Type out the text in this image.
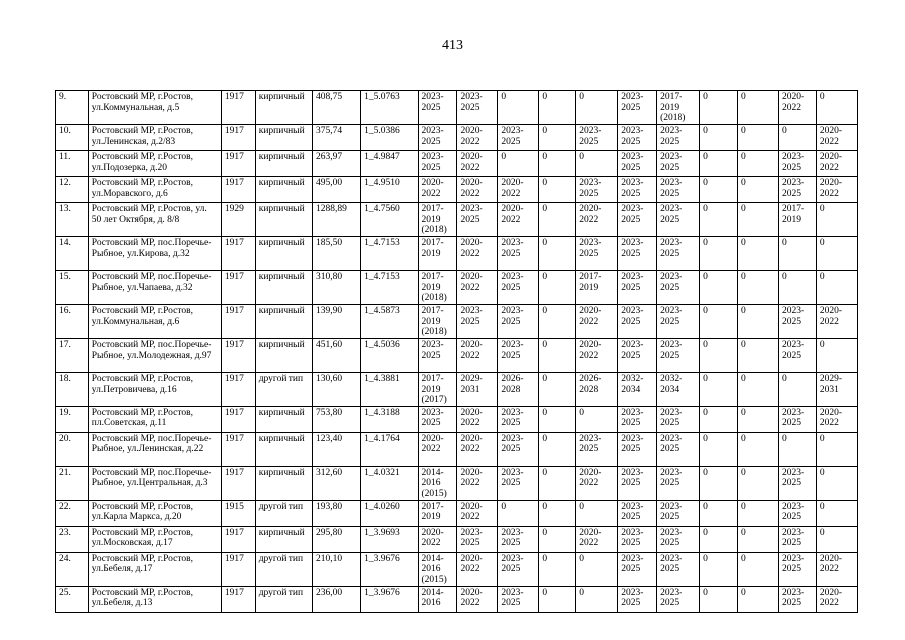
413
9.	Ростовский МР, г.Ростов, ул.Коммунальная, д.5	1917	кирпичный	408,75	1_5.0763	2023-
2025	2023-
2025	0	0	0	2023-
2025	2017-
2019
(2018)	0	0	2020-
2022	0
10.	Ростовский МР, г.Ростов, ул.Ленинская, д.2/83	1917	кирпичный	375,74	1_5.0386	2023-
2025	2020-
2022	2023-
2025	0	2023-
2025	2023-
2025	2023-
2025	0	0	0	2020-
2022
11.	Ростовский МР, г.Ростов, ул.Подозерка, д.20	1917	кирпичный	263,97	1_4.9847	2023-
2025	2020-
2022	0	0	0	2023-
2025	2023-
2025	0	0	2023-
2025	2020-
2022
12.	Ростовский МР, г.Ростов, ул.Моравского, д.6	1917	кирпичный	495,00	1_4.9510	2020-
2022	2020-
2022	2020-
2022	0	2023-
2025	2023-
2025	2023-
2025	0	0	2023-
2025	2020-
2022
13.	Ростовский МР, г.Ростов, ул. 50 лет Октября, д. 8/8	1929	кирпичный	1288,89	1_4.7560	2017-
2019
(2018)	2023-
2025	2020-
2022	0	2020-
2022	2023-
2025	2023-
2025	0	0	2017-
2019	0
14.	Ростовский МР, пос.Поречье-Рыбное, ул.Кирова, д.32	1917	кирпичный	185,50	1_4.7153	2017-
2019	2020-
2022	2023-
2025	0	2023-
2025	2023-
2025	2023-
2025	0	0	0	0
15.	Ростовский МР, пос.Поречье-Рыбное, ул.Чапаева, д.32	1917	кирпичный	310,80	1_4.7153	2017-
2019
(2018)	2020-
2022	2023-
2025	0	2017-
2019	2023-
2025	2023-
2025	0	0	0	0
16.	Ростовский МР, г.Ростов, ул.Коммунальная, д.6	1917	кирпичный	139,90	1_4.5873	2017-
2019
(2018)	2023-
2025	2023-
2025	0	2020-
2022	2023-
2025	2023-
2025	0	0	2023-
2025	2020-
2022
17.	Ростовский МР, пос.Поречье-Рыбное, ул.Молодежная, д.97	1917	кирпичный	451,60	1_4.5036	2023-
2025	2020-
2022	2023-
2025	0	2020-
2022	2023-
2025	2023-
2025	0	0	2023-
2025	0
18.	Ростовский МР, г.Ростов, ул.Петровичева, д.16	1917	другой тип	130,60	1_4.3881	2017-
2019
(2017)	2029-
2031	2026-
2028	0	2026-
2028	2032-
2034	2032-
2034	0	0	0	2029-
2031
19.	Ростовский МР, г.Ростов, пл.Советская, д.11	1917	кирпичный	753,80	1_4.3188	2023-
2025	2020-
2022	2023-
2025	0	0	2023-
2025	2023-
2025	0	0	2023-
2025	2020-
2022
20.	Ростовский МР, пос.Поречье-Рыбное, ул.Ленинская, д.22	1917	кирпичный	123,40	1_4.1764	2020-
2022	2020-
2022	2023-
2025	0	2023-
2025	2023-
2025	2023-
2025	0	0	0	0
21.	Ростовский МР, пос.Поречье-Рыбное, ул.Центральная, д.3	1917	кирпичный	312,60	1_4.0321	2014-
2016
(2015)	2020-
2022	2023-
2025	0	2020-
2022	2023-
2025	2023-
2025	0	0	2023-
2025	0
22.	Ростовский МР, г.Ростов, ул.Карла Маркса, д.20	1915	другой тип	193,80	1_4.0260	2017-
2019	2020-
2022	0	0	0	2023-
2025	2023-
2025	0	0	2023-
2025	0
23.	Ростовский МР, г.Ростов, ул.Московская, д.17	1917	кирпичный	295,80	1_3.9693	2020-
2022	2023-
2025	2023-
2025	0	2020-
2022	2023-
2025	2023-
2025	0	0	2023-
2025	0
24.	Ростовский МР, г.Ростов, ул.Бебеля, д.17	1917	другой тип	210,10	1_3.9676	2014-
2016
(2015)	2020-
2022	2023-
2025	0	0	2023-
2025	2023-
2025	0	0	2023-
2025	2020-
2022
25.	Ростовский МР, г.Ростов, ул.Бебеля, д.13	1917	другой тип	236,00	1_3.9676	2014-
2016	2020-
2022	2023-
2025	0	0	2023-
2025	2023-
2025	0	0	2023-
2025	2020-
2022
